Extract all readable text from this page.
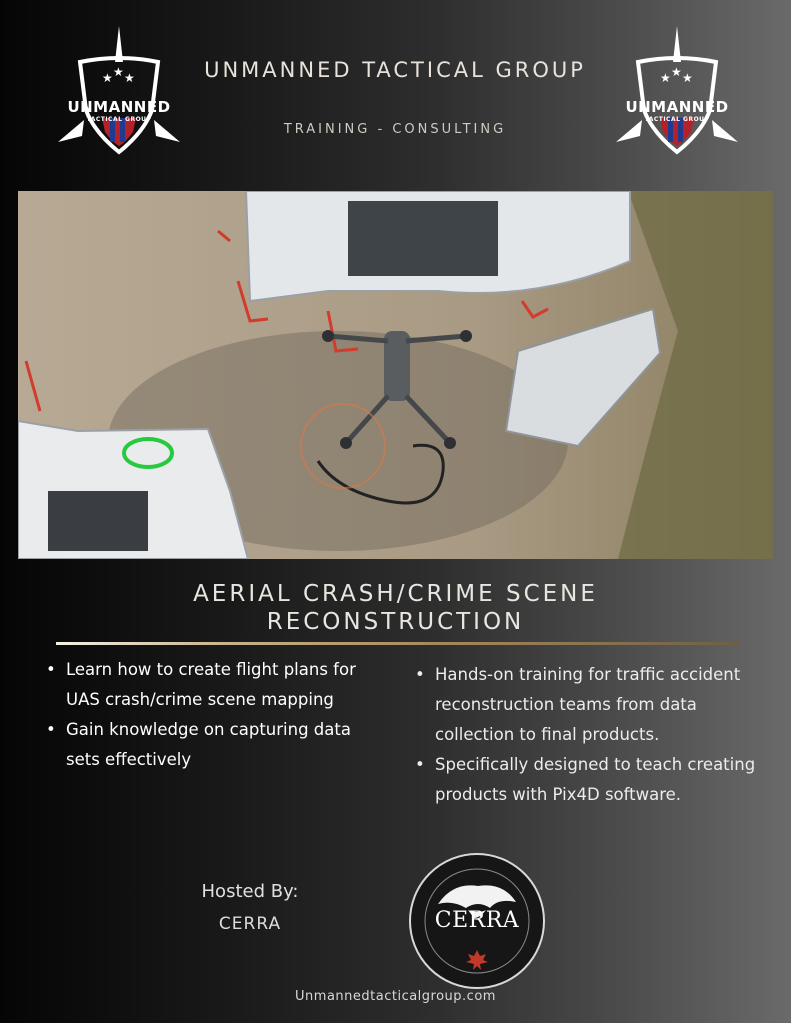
★ ★ ★
UNMANNED
TACTICAL GROUP
★ ★ ★
UNMANNED
TACTICAL GROUP
UNMANNED TACTICAL GROUP
TRAINING - CONSULTING
AERIAL CRASH/CRIME SCENE RECONSTRUCTION
• Learn how to create flight plans for UAS crash/crime scene mapping
• Gain knowledge on capturing data sets effectively
• Hands-on training for traffic accident reconstruction teams from data collection to final products.
• Specifically designed to teach creating products with Pix4D software.
Hosted By:
CERRA	CERRA
Unmannedtacticalgroup.com
